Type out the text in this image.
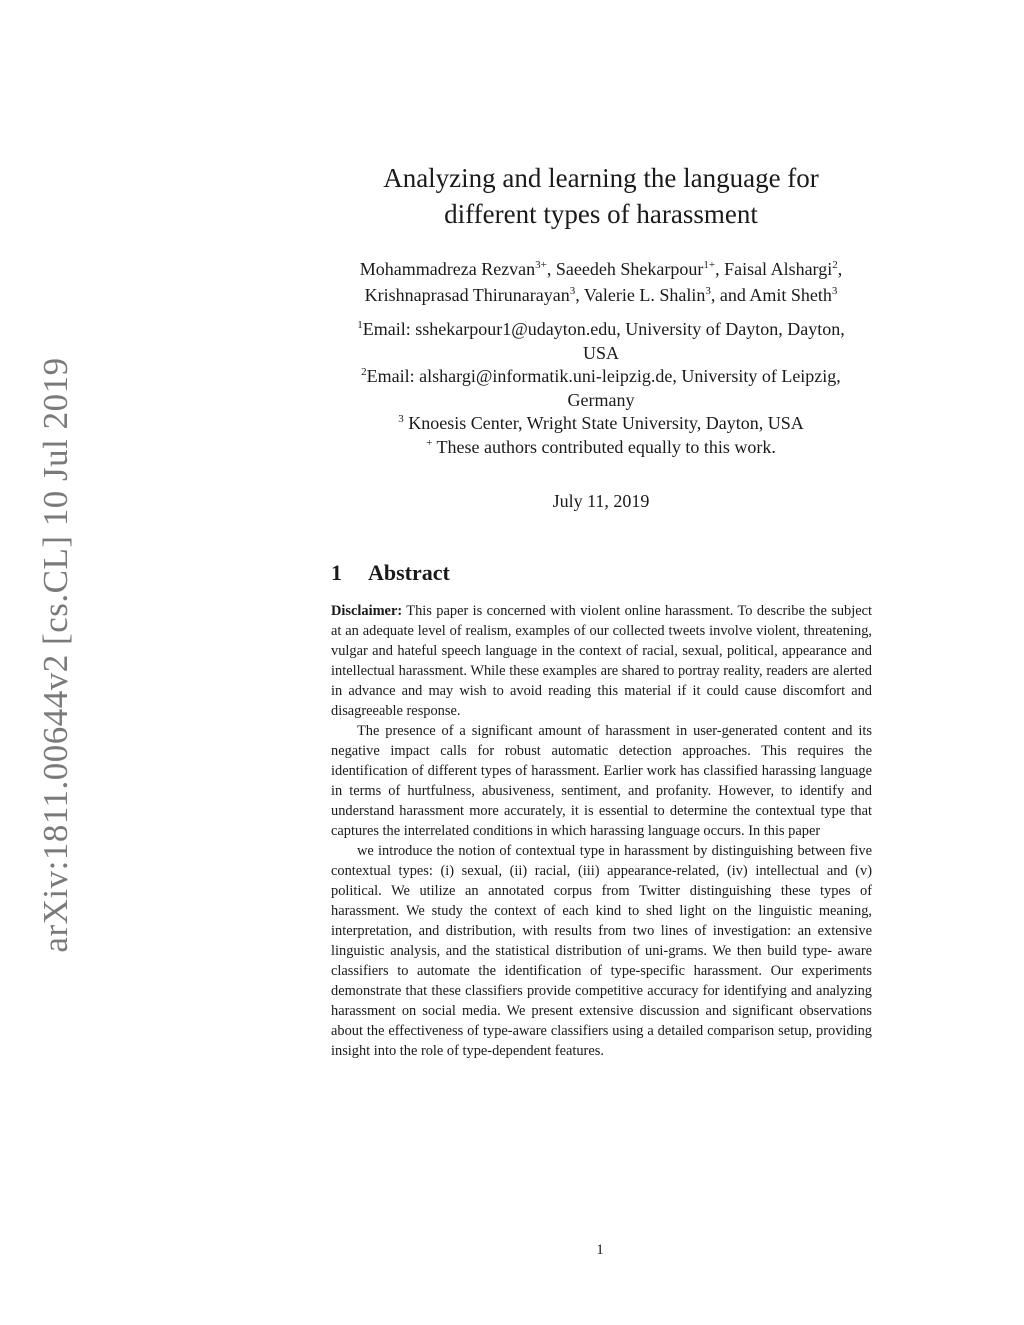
arXiv:1811.00644v2 [cs.CL] 10 Jul 2019
Analyzing and learning the language for
different types of harassment
Mohammadreza Rezvan$^{3+}$, Saeedeh Shekarpour$^{1+}$, Faisal Alshargi$^2$,
Krishnaprasad Thirunarayan$^3$, Valerie L. Shalin$^3$, and Amit Sheth$^3$
$^1$Email: sshekarpour1@udayton.edu, University of Dayton, Dayton,
USA
$^2$Email: alshargi@informatik.uni-leipzig.de, University of Leipzig,
Germany
$^3$ Knoesis Center, Wright State University, Dayton, USA
+ These authors contributed equally to this work.
July 11, 2019
1 Abstract

Disclaimer: This paper is concerned with violent online harassment. To describe the subject at an adequate level of realism, examples of our collected tweets involve violent, threatening, vulgar and hateful speech language in the context of racial, sexual, political, appearance and intellectual harassment. While these examples are shared to portray reality, readers are alerted in advance and may wish to avoid reading this material if it could cause discomfort and disagreeable response.

The presence of a significant amount of harassment in user-generated content and its negative impact calls for robust automatic detection approaches. This requires the identification of different types of harassment. Earlier work has classified harassing language in terms of hurtfulness, abusiveness, sentiment, and profanity. However, to identify and understand harassment more accurately, it is essential to determine the contextual type that captures the interrelated conditions in which harassing language occurs. In this paper

we introduce the notion of contextual type in harassment by distinguishing between five contextual types: (i) sexual, (ii) racial, (iii) appearance-related, (iv) intellectual and (v) political. We utilize an annotated corpus from Twitter distinguishing these types of harassment. We study the context of each kind to shed light on the linguistic meaning, interpretation, and distribution, with results from two lines of investigation: an extensive linguistic analysis, and the statistical distribution of uni-grams. We then build type- aware classifiers to automate the identification of type-specific harassment. Our experiments demonstrate that these classifiers provide competitive accuracy for identifying and analyzing harassment on social media. We present extensive discussion and significant observations about the effectiveness of type-aware classifiers using a detailed comparison setup, providing insight into the role of type-dependent features.

1
